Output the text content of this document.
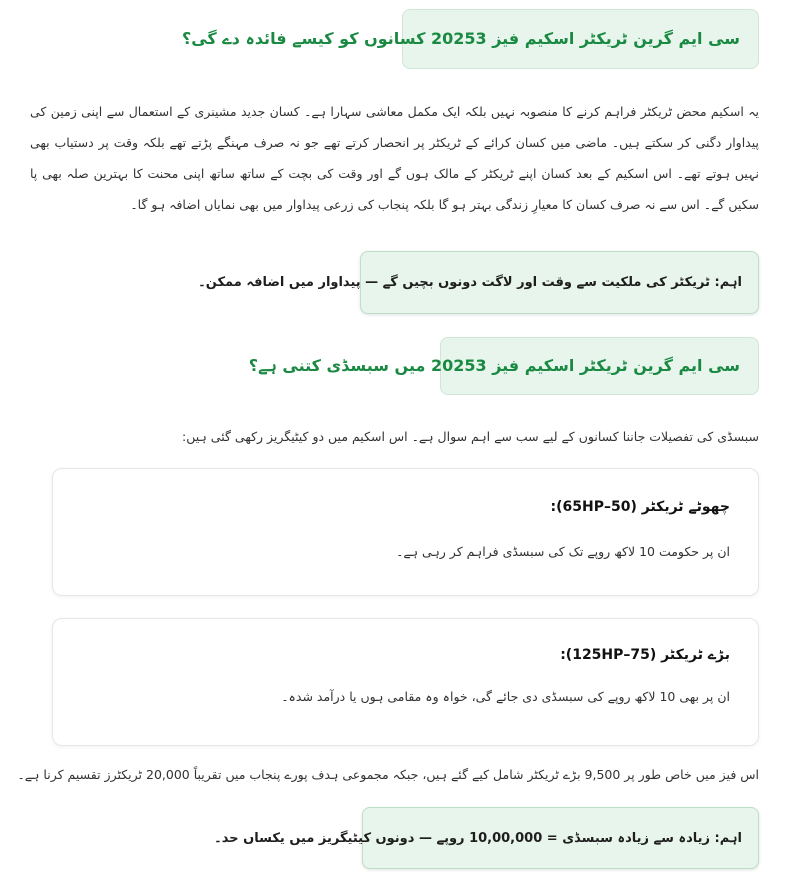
سی ایم گرین ٹریکٹر اسکیم فیز 20253 کسانوں کو کیسے فائدہ دے گی؟

یہ اسکیم محض ٹریکٹر فراہم کرنے کا منصوبہ نہیں بلکہ ایک مکمل معاشی سہارا ہے۔ کسان جدید مشینری کے استعمال سے اپنی زمین کی پیداوار دگنی کر سکتے ہیں۔ ماضی میں کسان کرائے کے ٹریکٹر پر انحصار کرتے تھے جو نہ صرف مہنگے پڑتے تھے بلکہ وقت پر دستیاب بھی نہیں ہوتے تھے۔ اس اسکیم کے بعد کسان اپنے ٹریکٹر کے مالک ہوں گے اور وقت کی بچت کے ساتھ ساتھ اپنی محنت کا بہترین صلہ بھی پا سکیں گے۔ اس سے نہ صرف کسان کا معیارِ زندگی بہتر ہو گا بلکہ پنجاب کی زرعی پیداوار میں بھی نمایاں اضافہ ہو گا۔

اہم: ٹریکٹر کی ملکیت سے وقت اور لاگت دونوں بچیں گے — پیداوار میں اضافہ ممکن۔
سی ایم گرین ٹریکٹر اسکیم فیز 20253 میں سبسڈی کتنی ہے؟

سبسڈی کی تفصیلات جاننا کسانوں کے لیے سب سے اہم سوال ہے۔ اس اسکیم میں دو کیٹیگریز رکھی گئی ہیں:

چھوٹے ٹریکٹر (50–65HP):
ان پر حکومت 10 لاکھ روپے تک کی سبسڈی فراہم کر رہی ہے۔
بڑے ٹریکٹر (75–125HP):
ان پر بھی 10 لاکھ روپے کی سبسڈی دی جائے گی، خواہ وہ مقامی ہوں یا درآمد شدہ۔

اس فیز میں خاص طور پر 9,500 بڑے ٹریکٹر شامل کیے گئے ہیں، جبکہ مجموعی ہدف پورے پنجاب میں تقریباً 20,000 ٹریکٹرز تقسیم کرنا ہے۔

اہم: زیادہ سے زیادہ سبسڈی = 10,00,000 روپے — دونوں کیٹیگریز میں یکساں حد۔
